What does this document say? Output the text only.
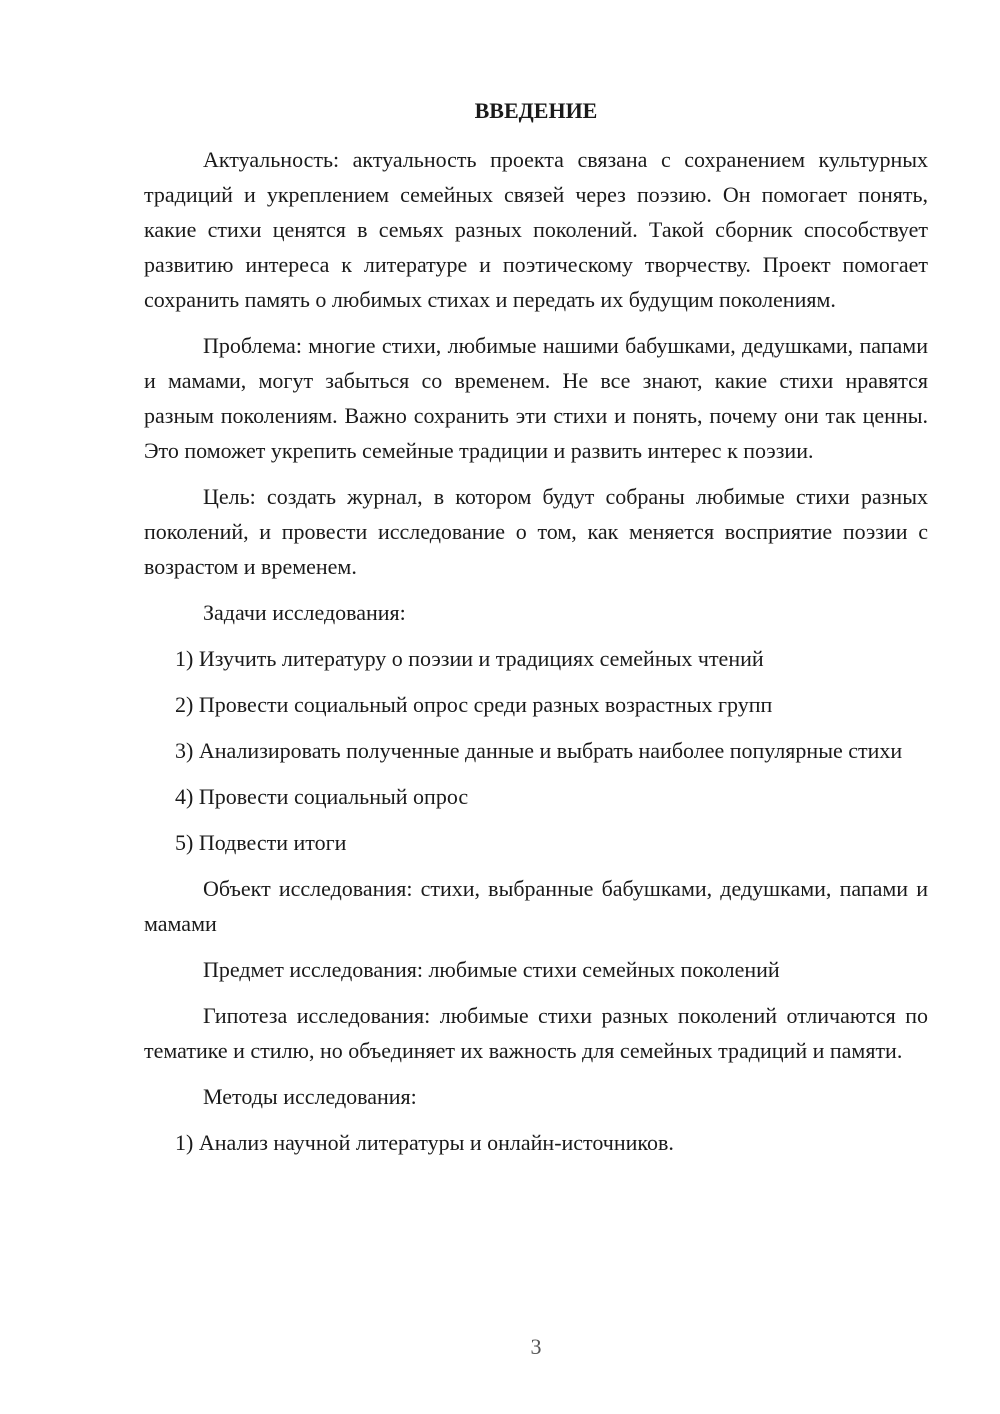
ВВЕДЕНИЕ

Актуальность: актуальность проекта связана с сохранением культурных традиций и укреплением семейных связей через поэзию. Он помогает понять, какие стихи ценятся в семьях разных поколений. Такой сборник способствует развитию интереса к литературе и поэтическому творчеству. Проект помогает сохранить память о любимых стихах и передать их будущим поколениям.

Проблема: многие стихи, любимые нашими бабушками, дедушками, папами и мамами, могут забыться со временем. Не все знают, какие стихи нравятся разным поколениям. Важно сохранить эти стихи и понять, почему они так ценны. Это поможет укрепить семейные традиции и развить интерес к поэзии.

Цель: создать журнал, в котором будут собраны любимые стихи разных поколений, и провести исследование о том, как меняется восприятие поэзии с возрастом и временем.

Задачи исследования:

1) Изучить литературу о поэзии и традициях семейных чтений

2) Провести социальный опрос среди разных возрастных групп

3) Анализировать полученные данные и выбрать наиболее популярные стихи

4) Провести социальный опрос

5) Подвести итоги

Объект исследования: стихи, выбранные бабушками, дедушками, папами и мамами

Предмет исследования: любимые стихи семейных поколений

Гипотеза исследования: любимые стихи разных поколений отличаются по тематике и стилю, но объединяет их важность для семейных традиций и памяти.

Методы исследования:

1) Анализ научной литературы и онлайн-источников.

3
